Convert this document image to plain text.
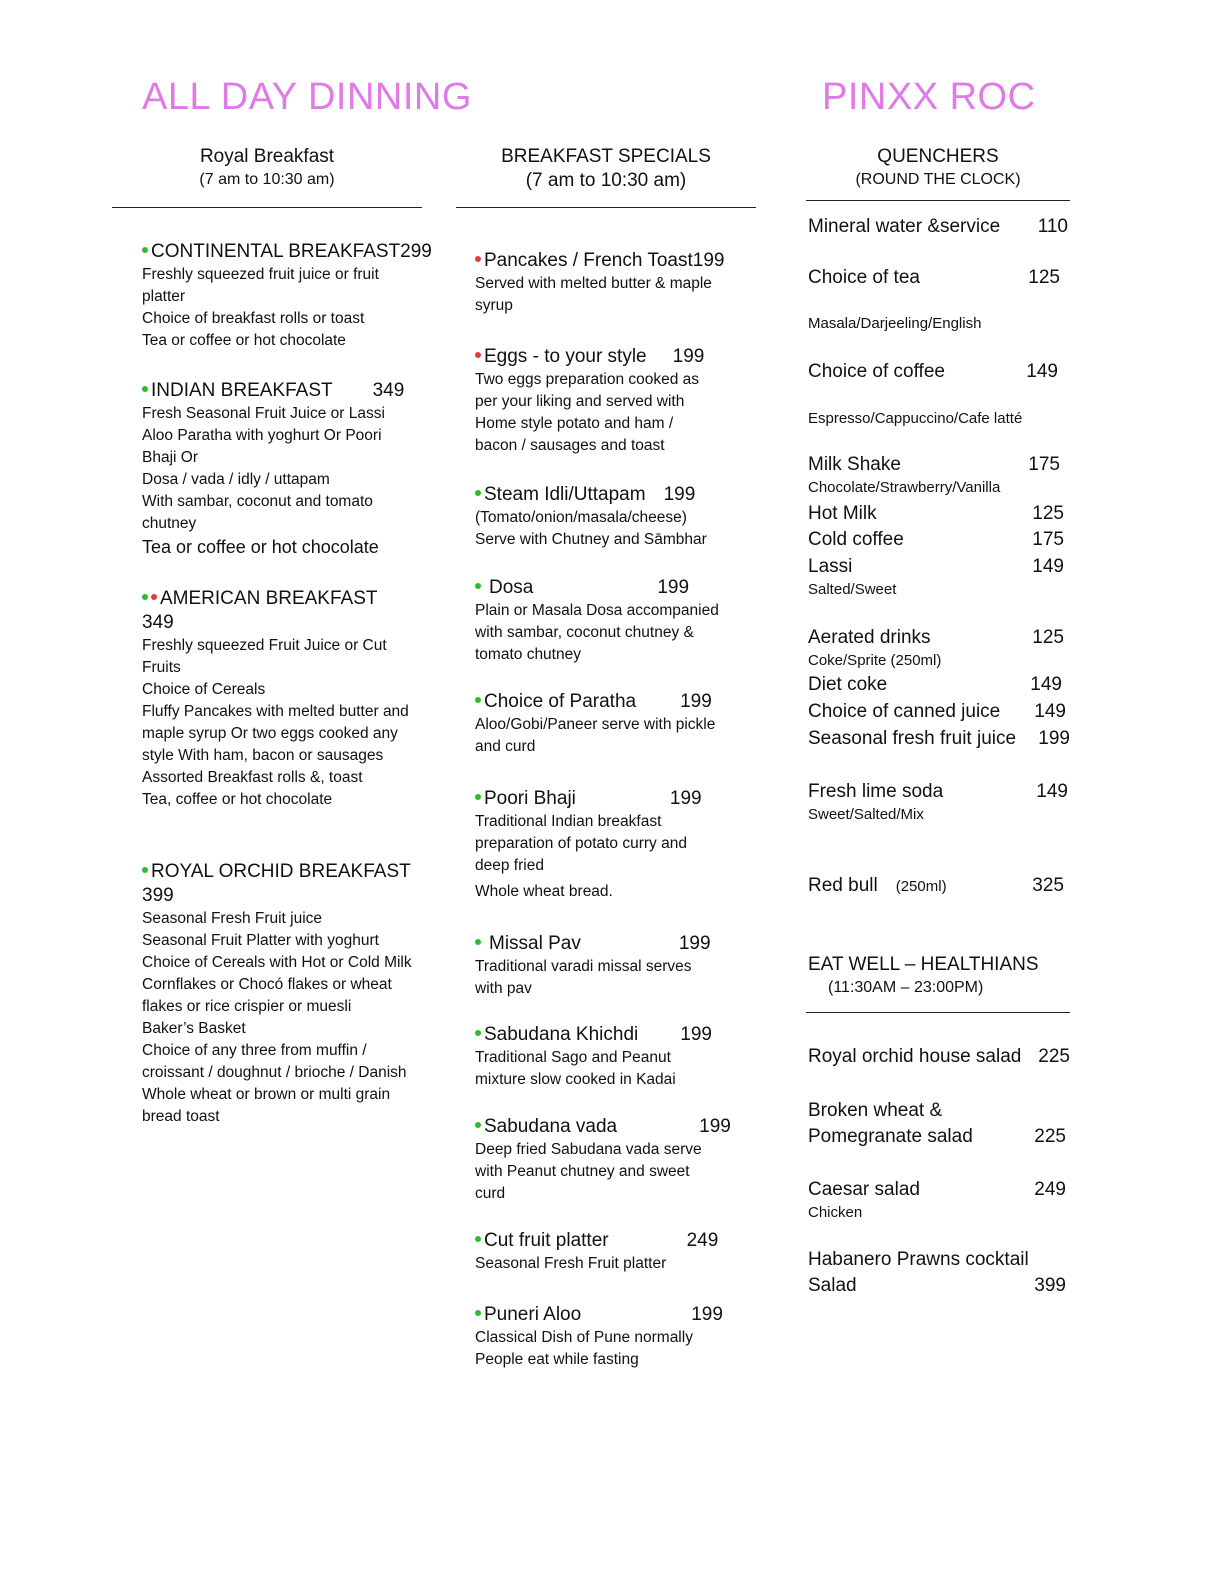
ALL DAY DINNING	PINXX ROC
Royal Breakfast
(7 am to 10:30 am)
BREAKFAST SPECIALS
(7 am to 10:30 am)
QUENCHERS
(ROUND THE CLOCK)
CONTINENTAL BREAKFAST299
Freshly squeezed fruit juice or fruit platter
Choice of breakfast rolls or toast
Tea or coffee or hot chocolate
INDIAN BREAKFAST 349
Fresh Seasonal Fruit Juice or Lassi
Aloo Paratha with yoghurt Or Poori Bhaji Or
Dosa / vada / idly / uttapam
With sambar, coconut and tomato chutney
Tea or coffee or hot chocolate
AMERICAN BREAKFAST
349
Freshly squeezed Fruit Juice or Cut Fruits
Choice of Cereals
Fluffy Pancakes with melted butter and maple syrup Or two eggs cooked any style With ham, bacon or sausages Assorted Breakfast rolls &, toast
Tea, coffee or hot chocolate
ROYAL ORCHID BREAKFAST
399
Seasonal Fresh Fruit juice
Seasonal Fruit Platter with yoghurt
Choice of Cereals with Hot or Cold Milk
Cornflakes or Chocó flakes or wheat flakes or rice crispier or muesli
Baker’s Basket
Choice of any three from muffin / croissant / doughnut / brioche / Danish
Whole wheat or brown or multi grain bread toast
Pancakes / French Toast199
Served with melted butter & maple syrup
Eggs - to your style 199
Two eggs preparation cooked as per your liking and served with Home style potato and ham / bacon / sausages and toast
Steam Idli/Uttapam 199
(Tomato/onion/masala/cheese) Serve with Chutney and Sāmbhar
Dosa	199
Plain or Masala Dosa accompanied with sambar, coconut chutney & tomato chutney
Choice of Paratha 199
Aloo/Gobi/Paneer serve with pickle and curd
Poori Bhaji	199
Traditional Indian breakfast preparation of potato curry and deep fried
Whole wheat bread.
Missal Pav	199
Traditional varadi missal serves with pav
Sabudana Khichdi 199
Traditional Sago and Peanut mixture slow cooked in Kadai
Sabudana vada	199
Deep fried Sabudana vada serve with Peanut chutney and sweet curd
Cut fruit platter	249
Seasonal Fresh Fruit platter
Puneri Aloo	199
Classical Dish of Pune normally People eat while fasting
Mineral water &service 110
Choice of tea	125
Masala/Darjeeling/English
Choice of coffee	149
Espresso/Cappuccino/Cafe latté
Milk Shake	175
Chocolate/Strawberry/Vanilla
Hot Milk	125
Cold coffee	175
Lassi	149
Salted/Sweet
Aerated drinks	125
Coke/Sprite (250ml)
Diet coke	149
Choice of canned juice 149
Seasonal fresh fruit juice 199
Fresh lime soda	149
Sweet/Salted/Mix
Red bull (250ml)	325
EAT WELL – HEALTHIANS
(11:30AM – 23:00PM)
Royal orchid house salad 225
Broken wheat &
Pomegranate salad	225
Caesar salad	249
Chicken
Habanero Prawns cocktail
Salad	399
